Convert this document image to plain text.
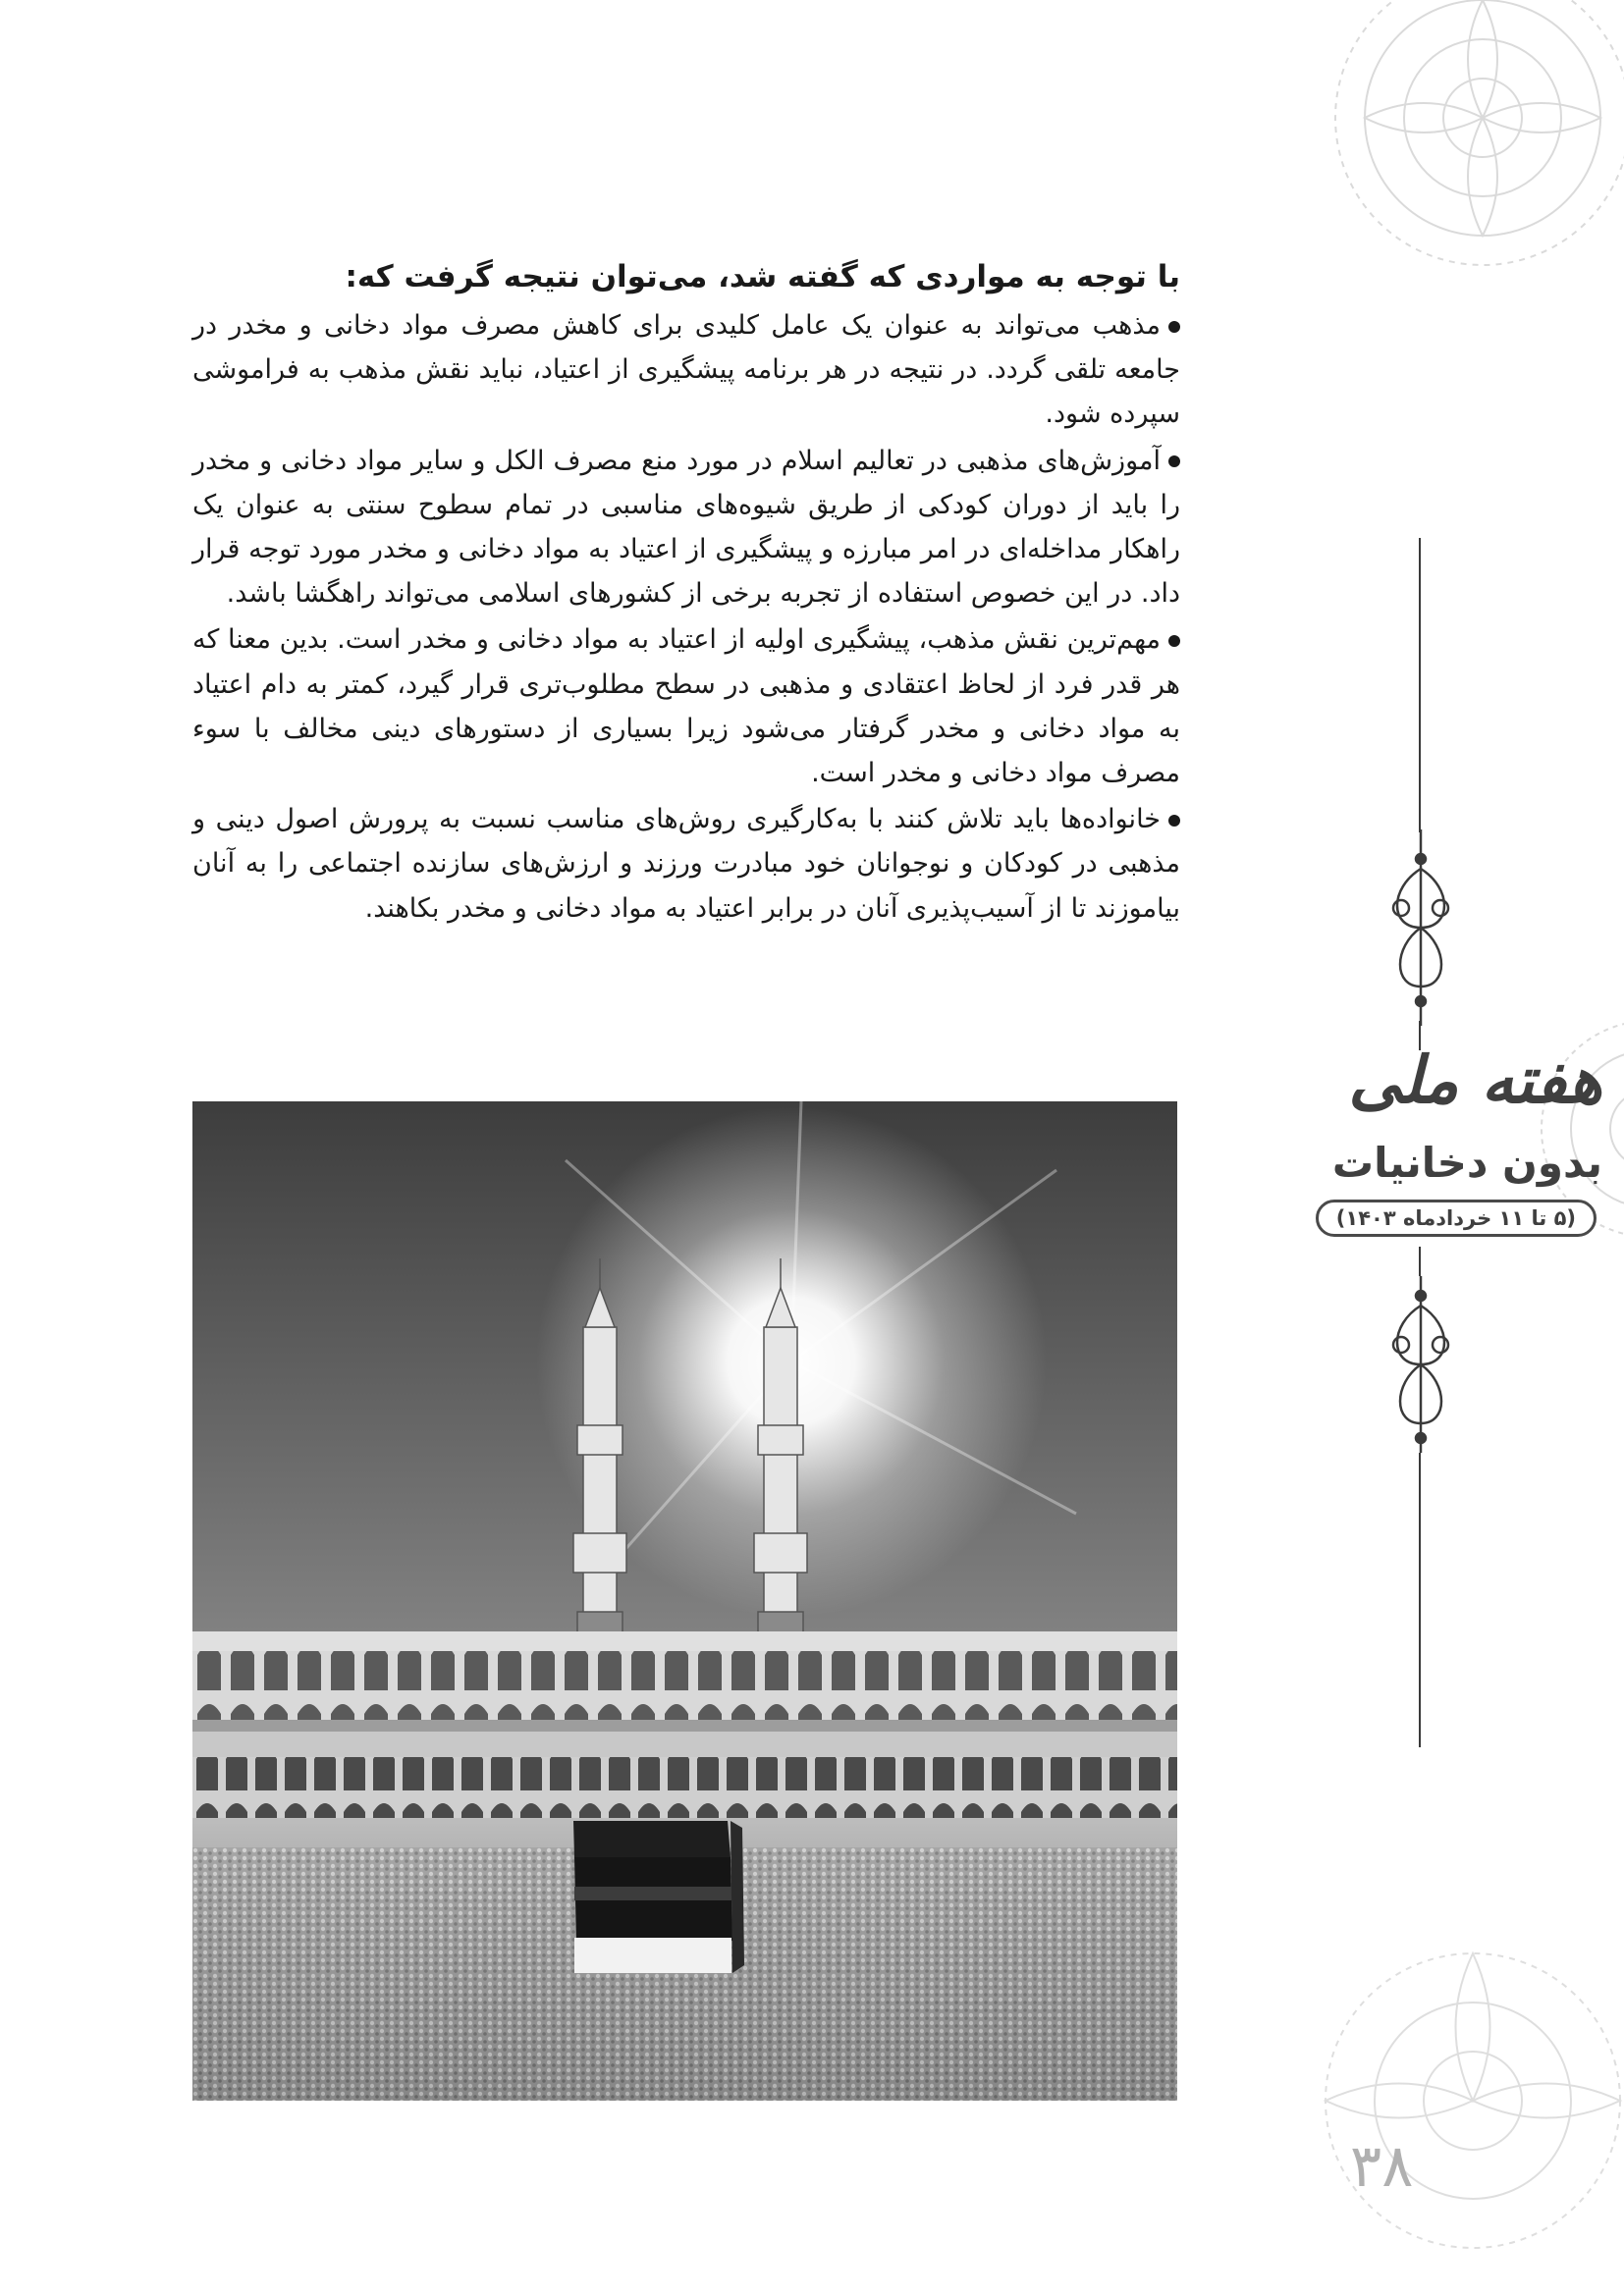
هفته ملی
بدون دخانیات
(۵ تا ۱۱ خردادماه ۱۴۰۳)

با توجه به مواردی که گفته شد، می‌توان نتیجه گرفت که:

مذهب می‌تواند به عنوان یک عامل کلیدی برای کاهش مصرف مواد دخانی و مخدر در جامعه تلقی گردد. در نتیجه در هر برنامه پیشگیری از اعتیاد، نباید نقش مذهب به فراموشی سپرده شود.

آموزش‌های مذهبی در تعالیم اسلام در مورد منع مصرف الکل و سایر مواد دخانی و مخدر را باید از دوران کودکی از طریق شیوه‌های مناسبی در تمام سطوح سنتی به عنوان یک راهکار مداخله‌ای در امر مبارزه و پیشگیری از اعتیاد به مواد دخانی و مخدر مورد توجه قرار داد. در این خصوص استفاده از تجربه برخی از کشورهای اسلامی می‌تواند راهگشا باشد.

مهم‌ترین نقش مذهب، پیشگیری اولیه از اعتیاد به مواد دخانی و مخدر است. بدین معنا که هر قدر فرد از لحاظ اعتقادی و مذهبی در سطح مطلوب‌تری قرار گیرد، کمتر به دام اعتیاد به مواد دخانی و مخدر گرفتار می‌شود زیرا بسیاری از دستورهای دینی مخالف با سوء مصرف مواد دخانی و مخدر است.

خانواده‌ها باید تلاش کنند با به‌کارگیری روش‌های مناسب نسبت به پرورش اصول دینی و مذهبی در کودکان و نوجوانان خود مبادرت ورزند و ارزش‌های سازنده اجتماعی را به آنان بیاموزند تا از آسیب‌پذیری آنان در برابر اعتیاد به مواد دخانی و مخدر بکاهند.

۳۸
